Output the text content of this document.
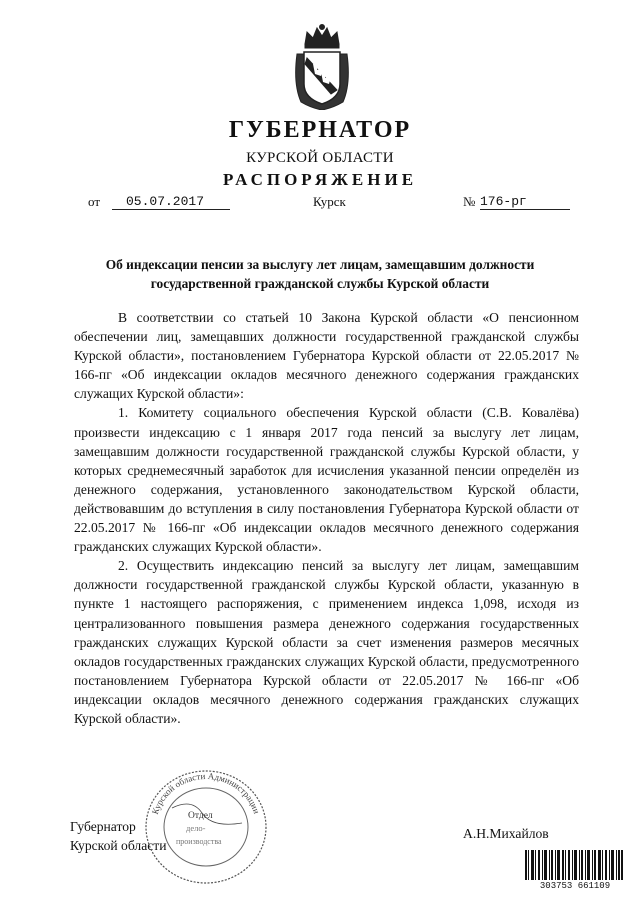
ГУБЕРНАТОР
КУРСКОЙ ОБЛАСТИ
РАСПОРЯЖЕНИЕ
от	05.07.2017	Курск	№ 176-рг

Об индексации пенсии за выслугу лет лицам, замещавшим должности государственной гражданской службы Курской области

В соответствии со статьей 10 Закона Курской области «О пенсионном обеспечении лиц, замещавших должности государственной гражданской службы Курской области», постановлением Губернатора Курской области от 22.05.2017 № 166-пг «Об индексации окладов месячного денежного содержания гражданских служащих Курской области»:

1. Комитету социального обеспечения Курской области (С.В. Ковалёва) произвести индексацию с 1 января 2017 года пенсий за выслугу лет лицам, замещавшим должности государственной гражданской службы Курской области, у которых среднемесячный заработок для исчисления указанной пенсии определён из денежного содержания, установленного законодательством Курской области, действовавшим до вступления в силу постановления Губернатора Курской области от 22.05.2017 № 166-пг «Об индексации окладов месячного денежного содержания гражданских служащих Курской области».

2. Осуществить индексацию пенсий за выслугу лет лицам, замещавшим должности государственной гражданской службы Курской области, указанную в пункте 1 настоящего распоряжения, с применением индекса 1,098, исходя из централизованного повышения размера денежного содержания государственных гражданских служащих Курской области за счет изменения размеров месячных окладов государственных гражданских служащих Курской области, предусмотренного постановлением Губернатора Курской области от 22.05.2017 № 166-пг «Об индексации окладов месячного денежного содержания гражданских служащих Курской области».

Губернатор
Курской области
А.Н.Михайлов
Курской области Администрации
Отдел
дело-
производства
303753 661109
